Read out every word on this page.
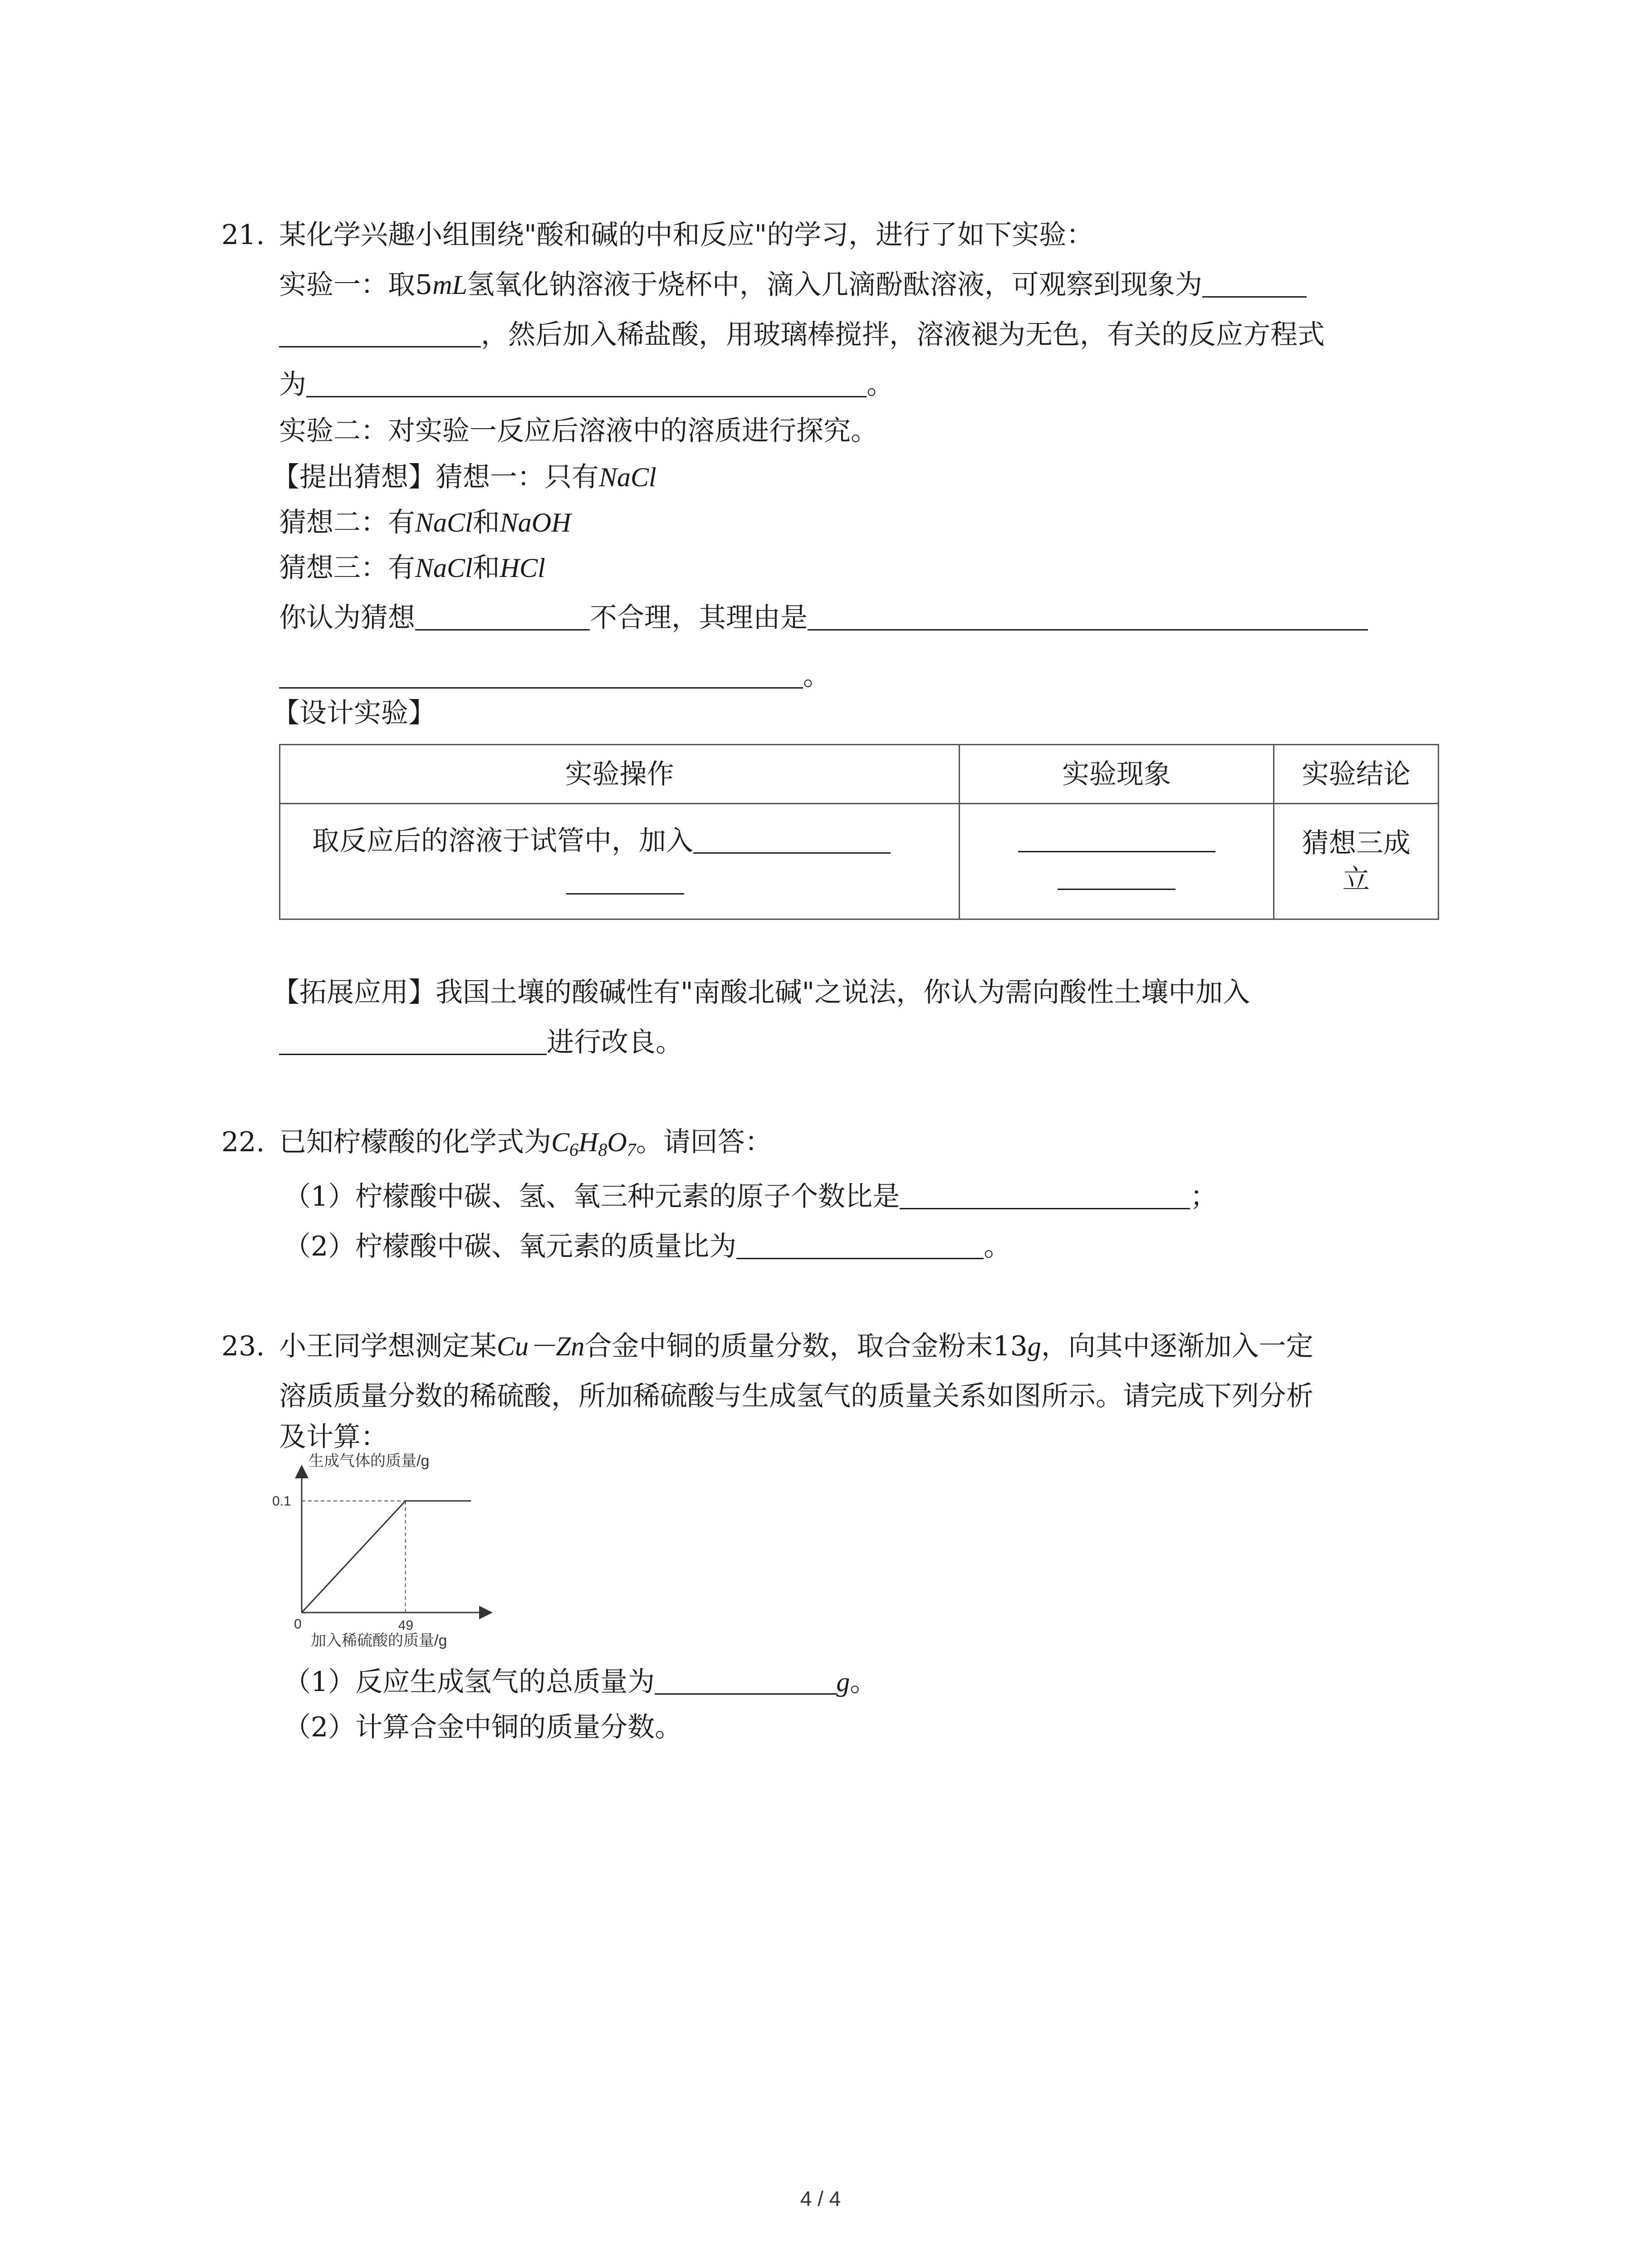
21. 某化学兴趣小组围绕"酸和碱的中和反应"的学习，进行了如下实验：
实验一：取5mL氢氧化钠溶液于烧杯中，滴入几滴酚酞溶液，可观察到现象为
，然后加入稀盐酸，用玻璃棒搅拌，溶液褪为无色，有关的反应方程式
为	。
实验二：对实验一反应后溶液中的溶质进行探究。
【提出猜想】猜想一：只有NaCl
猜想二：有NaCl和NaOH
猜想三：有NaCl和HCl
你认为猜想	不合理，其理由是
。
【设计实验】
实验操作	实验现象	实验结论

取反应后的溶液于试管中，加入		猜想三成
立
【拓展应用】我国土壤的酸碱性有"南酸北碱"之说法，你认为需向酸性土壤中加入
进行改良。
22. 已知柠檬酸的化学式为$C_6H_8O_7$。请回答：
（1）柠檬酸中碳、氢、氧三种元素的原子个数比是	；
（2）柠檬酸中碳、氧元素的质量比为	。
23. 小王同学想测定某Cu－Zn合金中铜的质量分数，取合金粉末13g，向其中逐渐加入一定
溶质质量分数的稀硫酸，所加稀硫酸与生成氢气的质量关系如图所示。请完成下列分析
及计算：
生成气体的质量/g
加入稀硫酸的质量/g
0
0.1
49
（1）反应生成氢气的总质量为	g。
（2）计算合金中铜的质量分数。
4 / 4
